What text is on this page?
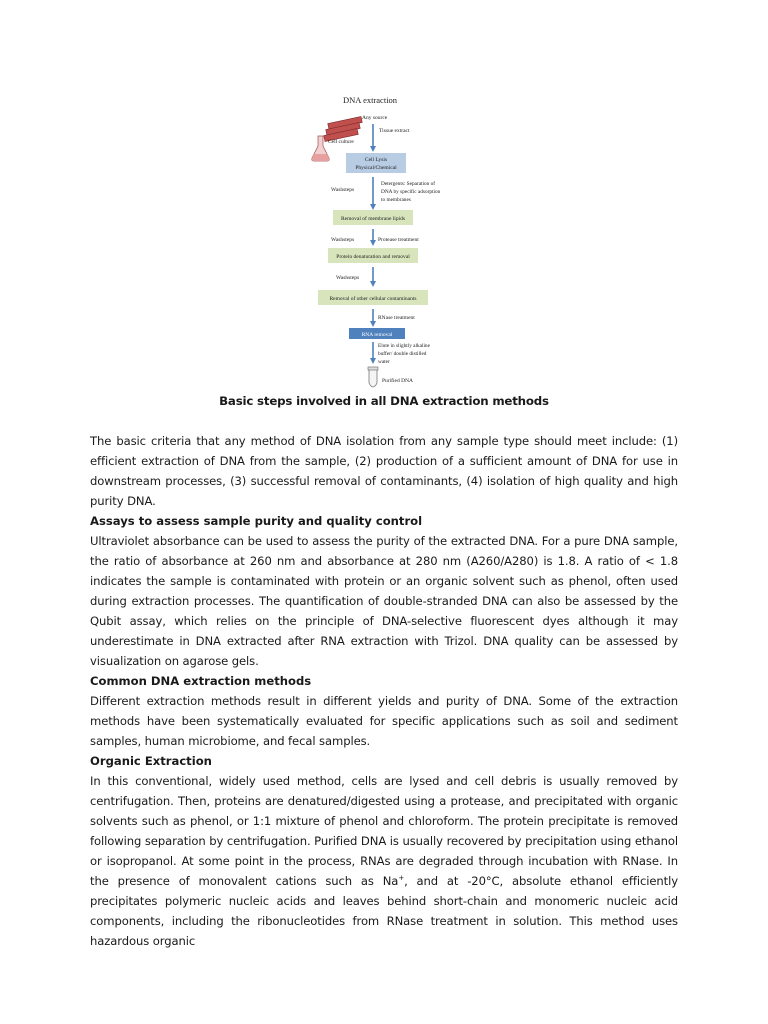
DNA extraction
Any source
Cell culture
Tissue extract
Cell Lysis
Physical/Chemical
Washsteps
Detergents: Separation of
DNA by specific adsorption
to membranes
Removal of membrane lipids
Washsteps	Protease treatment
Protein denaturation and removal
Washsteps
Removal of other cellular contaminants
RNase treatment
RNA removal
Elute in slightly alkaline
buffer/ double distilled
water
Purified DNA
Basic steps involved in all DNA extraction methods

The basic criteria that any method of DNA isolation from any sample type should meet include: (1) efficient extraction of DNA from the sample, (2) production of a sufficient amount of DNA for use in downstream processes, (3) successful removal of contaminants, (4) isolation of high quality and high purity DNA.

Assays to assess sample purity and quality control

Ultraviolet absorbance can be used to assess the purity of the extracted DNA. For a pure DNA sample, the ratio of absorbance at 260 nm and absorbance at 280 nm (A260/A280) is 1.8. A ratio of < 1.8 indicates the sample is contaminated with protein or an organic solvent such as phenol, often used during extraction processes. The quantification of double-stranded DNA can also be assessed by the Qubit assay, which relies on the principle of DNA-selective fluorescent dyes although it may underestimate in DNA extracted after RNA extraction with Trizol. DNA quality can be assessed by visualization on agarose gels.

Common DNA extraction methods

Different extraction methods result in different yields and purity of DNA. Some of the extraction methods have been systematically evaluated for specific applications such as soil and sediment samples, human microbiome, and fecal samples.

Organic Extraction

In this conventional, widely used method, cells are lysed and cell debris is usually removed by centrifugation. Then, proteins are denatured/digested using a protease, and precipitated with organic solvents such as phenol, or 1:1 mixture of phenol and chloroform. The protein precipitate is removed following separation by centrifugation. Purified DNA is usually recovered by precipitation using ethanol or isopropanol. At some point in the process, RNAs are degraded through incubation with RNase. In the presence of monovalent cations such as Na+, and at -20°C, absolute ethanol efficiently precipitates polymeric nucleic acids and leaves behind short-chain and monomeric nucleic acid components, including the ribonucleotides from RNase treatment in solution. This method uses hazardous organic
